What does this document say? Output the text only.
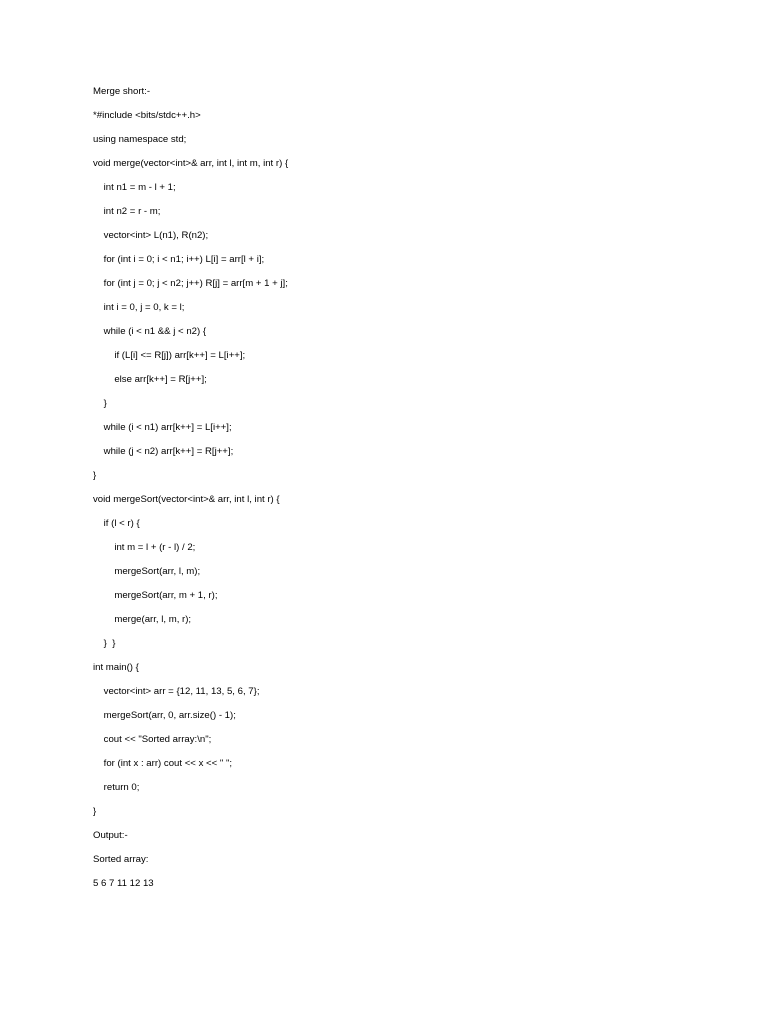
Merge short:-
*#include <bits/stdc++.h>
using namespace std;
void merge(vector<int>& arr, int l, int m, int r) {
int n1 = m - l + 1;
int n2 = r - m;
vector<int> L(n1), R(n2);
for (int i = 0; i < n1; i++) L[i] = arr[l + i];
for (int j = 0; j < n2; j++) R[j] = arr[m + 1 + j];
int i = 0, j = 0, k = l;
while (i < n1 && j < n2) {
if (L[i] <= R[j]) arr[k++] = L[i++];
else arr[k++] = R[j++];
}
while (i < n1) arr[k++] = L[i++];
while (j < n2) arr[k++] = R[j++];
}
void mergeSort(vector<int>& arr, int l, int r) {
if (l < r) {
int m = l + (r - l) / 2;
mergeSort(arr, l, m);
mergeSort(arr, m + 1, r);
merge(arr, l, m, r);
}  }
int main() {
vector<int> arr = {12, 11, 13, 5, 6, 7};
mergeSort(arr, 0, arr.size() - 1);
cout << "Sorted array:\n";
for (int x : arr) cout << x << " ";
return 0;
}
Output:-
Sorted array:
5 6 7 11 12 13
